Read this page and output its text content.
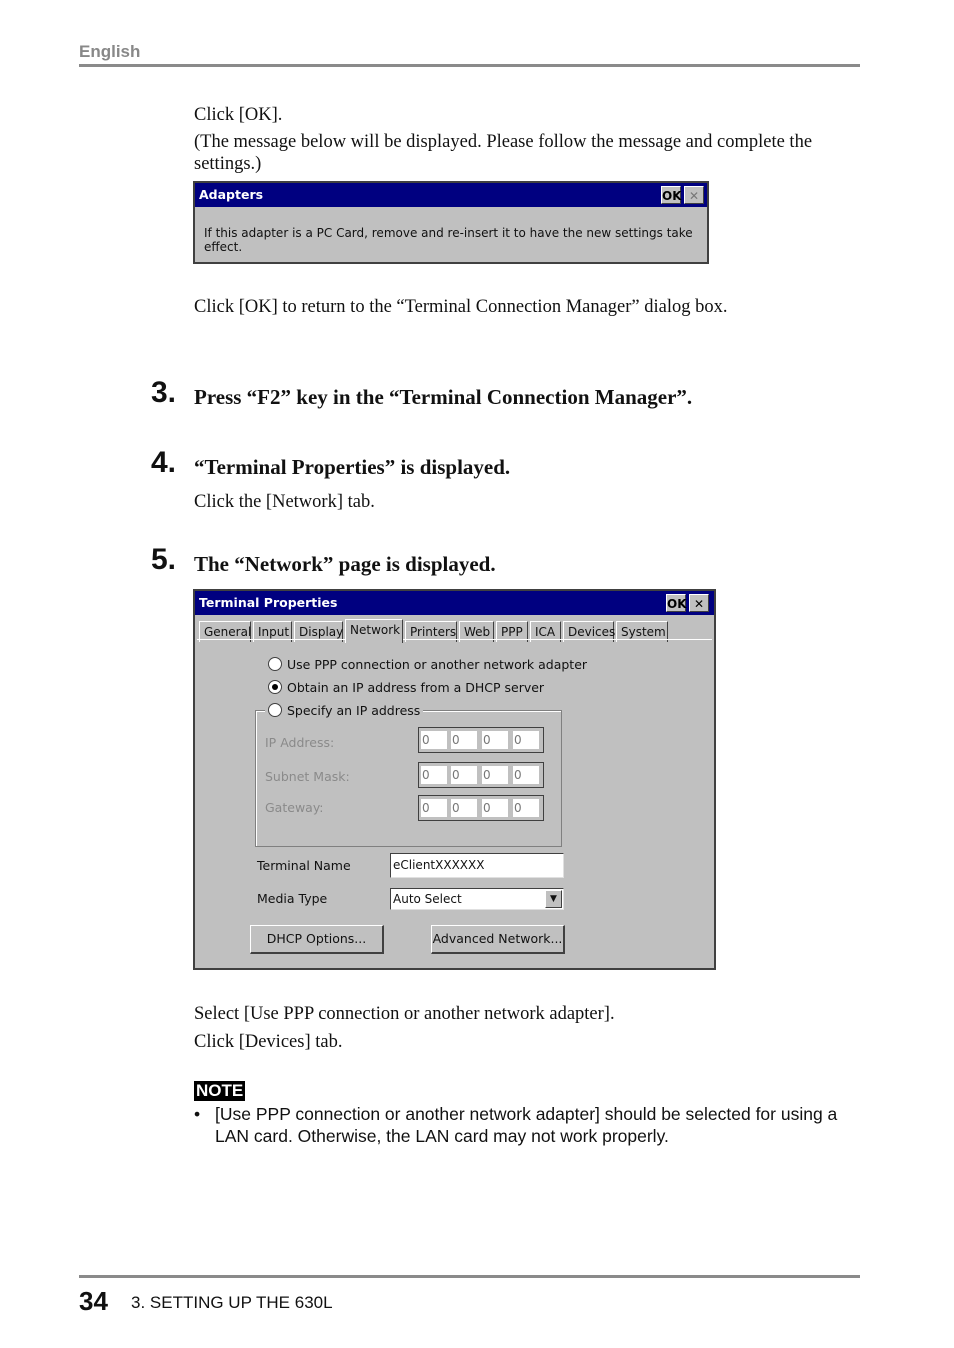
English
Click [OK].
(The message below will be displayed. Please follow the message and complete the settings.)
Adapters	OK ✕
If this adapter is a PC Card, remove and re-insert it to have the new settings take effect.
Click [OK] to return to the “Terminal Connection Manager” dialog box.
3. Press “F2” key in the “Terminal Connection Manager”.
4. “Terminal Properties” is displayed.
Click the [Network] tab.
5. The “Network” page is displayed.
Terminal Properties	OK ✕
General Input Display Network Printers Web PPP	ICA	Devices System
Use PPP connection or another network adapter
Obtain an IP address from a DHCP server
Specify an IP address
IP Address:	0	0	0	0
Subnet Mask:	0	0	0	0
Gateway:	0	0	0	0
Terminal Name	eClientXXXXXX
Media Type	Auto Select	▼
DHCP Options...	Advanced Network...
Select [Use PPP connection or another network adapter].
Click [Devices] tab.
NOTE
• [Use PPP connection or another network adapter] should be selected for using a LAN card. Otherwise, the LAN card may not work properly.
34 3. SETTING UP THE 630L
